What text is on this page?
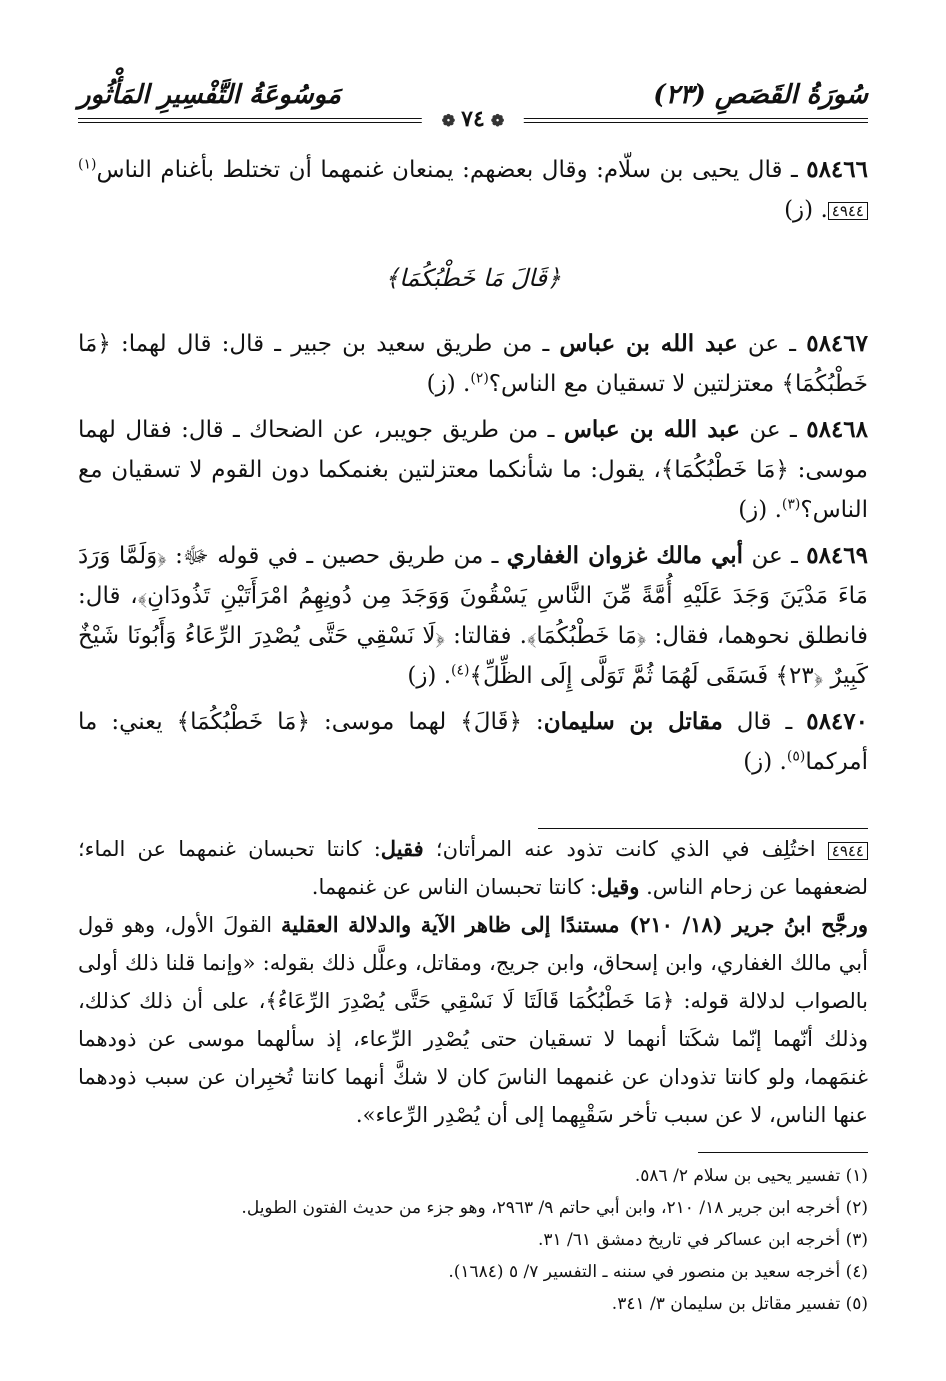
سُورَةُ القَصَصِ (٢٣)
مَوسُوعَةُ التَّفْسِيرِ المَأْثُور
❁٧٤❁
٥٨٤٦٦ ـ قال يحيى بن سلّام: وقال بعضهم: يمنعان غنمهما أن تختلط بأغنام الناس$^{(١)}$٤٩٤٤. (ز)
﴿قَالَ مَا خَطْبُكُمَا﴾
٥٨٤٦٧ ـ عن عبد الله بن عباس ـ من طريق سعيد بن جبير ـ قال: قال لهما: ﴿مَا خَطْبُكُمَا﴾ معتزلتين لا تسقيان مع الناس؟$^{(٢)}$. (ز)
٥٨٤٦٨ ـ عن عبد الله بن عباس ـ من طريق جويبر، عن الضحاك ـ قال: فقال لهما موسى: ﴿مَا خَطْبُكُمَا﴾، يقول: ما شأنكما معتزلتين بغنمكما دون القوم لا تسقيان مع الناس؟$^{(٣)}$. (ز)
٥٨٤٦٩ ـ عن أبي مالك غزوان الغفاري ـ من طريق حصين ـ في قوله ﷻ: ﴿وَلَمَّا وَرَدَ مَاءَ مَدْيَنَ وَجَدَ عَلَيْهِ أُمَّةً مِّنَ النَّاسِ يَسْقُونَ وَوَجَدَ مِن دُونِهِمُ امْرَأَتَيْنِ تَذُودَانِ﴾، قال: فانطلق نحوهما، فقال: ﴿مَا خَطْبُكُمَا﴾. فقالتا: ﴿لَا نَسْقِي حَتَّى يُصْدِرَ الرِّعَاءُ وَأَبُونَا شَيْخٌ كَبِيرٌ ﴿٢٣﴾ فَسَقَى لَهُمَا ثُمَّ تَوَلَّى إِلَى الظِّلِّ﴾$^{(٤)}$. (ز)
٥٨٤٧٠ ـ قال مقاتل بن سليمان: ﴿قَالَ﴾ لهما موسى: ﴿مَا خَطْبُكُمَا﴾ يعني: ما أمركما$^{(٥)}$. (ز)
٤٩٤٤ اختُلِف في الذي كانت تذود عنه المرأتان؛ فقيل: كانتا تحبسان غنمهما عن الماء؛ لضعفهما عن زحام الناس. وقيل: كانتا تحبسان الناس عن غنمهما.
ورجَّح ابنُ جرير (١٨/ ٢١٠) مستندًا إلى ظاهر الآية والدلالة العقلية القولَ الأول، وهو قول أبي مالك الغفاري، وابن إسحاق، وابن جريج، ومقاتل، وعلَّل ذلك بقوله: «وإنما قلنا ذلك أولى بالصواب لدلالة قوله: ﴿مَا خَطْبُكُمَا قَالَتَا لَا نَسْقِي حَتَّى يُصْدِرَ الرِّعَاءُ﴾، على أن ذلك كذلك، وذلك أنّهما إنّما شكَتا أنهما لا تسقيان حتى يُصْدِر الرِّعاء، إذ سألهما موسى عن ذودهما غنمَهما، ولو كانتا تذودان عن غنمهما الناسَ كان لا شكَّ أنهما كانتا تُخبِران عن سبب ذودهما عنها الناس، لا عن سبب تأخر سَقْيِهما إلى أن يُصْدِر الرِّعاء».
(١) تفسير يحيى بن سلام ٢/ ٥٨٦.
(٢) أخرجه ابن جرير ١٨/ ٢١٠، وابن أبي حاتم ٩/ ٢٩٦٣، وهو جزء من حديث الفتون الطويل.
(٣) أخرجه ابن عساكر في تاريخ دمشق ٦١/ ٣١.
(٤) أخرجه سعيد بن منصور في سننه ـ التفسير ٧/ ٥ (١٦٨٤).
(٥) تفسير مقاتل بن سليمان ٣/ ٣٤١.
